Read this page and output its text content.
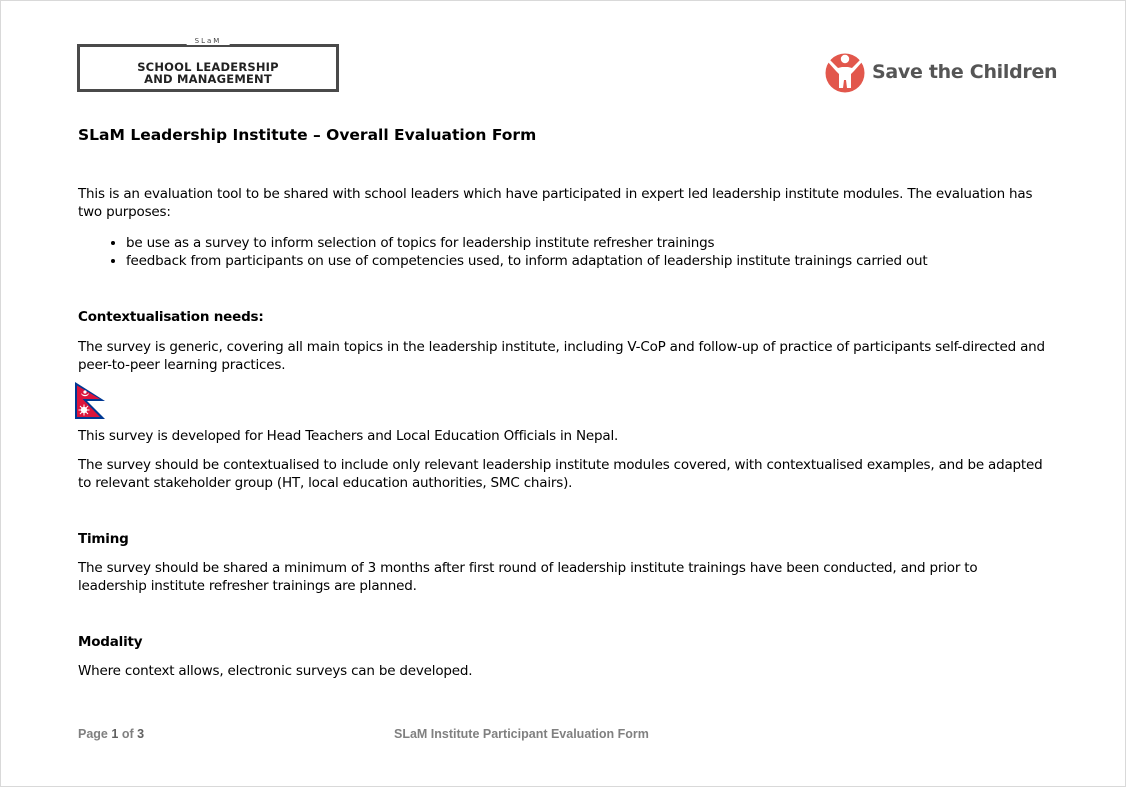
SLaM
SCHOOL LEADERSHIP
AND MANAGEMENT	Save the Children
SLaM Leadership Institute – Overall Evaluation Form
This is an evaluation tool to be shared with school leaders which have participated in expert led leadership institute modules. The evaluation has two purposes:
• be use as a survey to inform selection of topics for leadership institute refresher trainings
• feedback from participants on use of competencies used, to inform adaptation of leadership institute trainings carried out
Contextualisation needs:
The survey is generic, covering all main topics in the leadership institute, including V-CoP and follow-up of practice of participants self-directed and peer-to-peer learning practices.
This survey is developed for Head Teachers and Local Education Officials in Nepal.
The survey should be contextualised to include only relevant leadership institute modules covered, with contextualised examples, and be adapted to relevant stakeholder group (HT, local education authorities, SMC chairs).
Timing
The survey should be shared a minimum of 3 months after first round of leadership institute trainings have been conducted, and prior to leadership institute refresher trainings are planned.
Modality
Where context allows, electronic surveys can be developed.
Page 1 of 3	SLaM Institute Participant Evaluation Form
